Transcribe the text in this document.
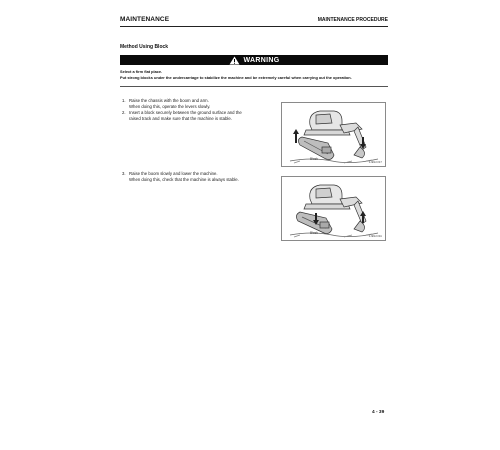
MAINTENANCE	MAINTENANCE PROCEDURE
Method Using Block
WARNING
Select a firm flat place.
Put strong blocks under the undercarriage to stabilize the machine and be extremely careful when carrying out the operation.
1. Raise the chassis with the boom and arm.
When doing this, operate the levers slowly.
2. Insert a block securely between the ground surface and the
raised track and make sure that the machine is stable.
3. Raise the boom slowly and lower the machine.
When doing this, check that the machine is always stable.
Block
3JB02337
Block
3JB02338
4 - 39
